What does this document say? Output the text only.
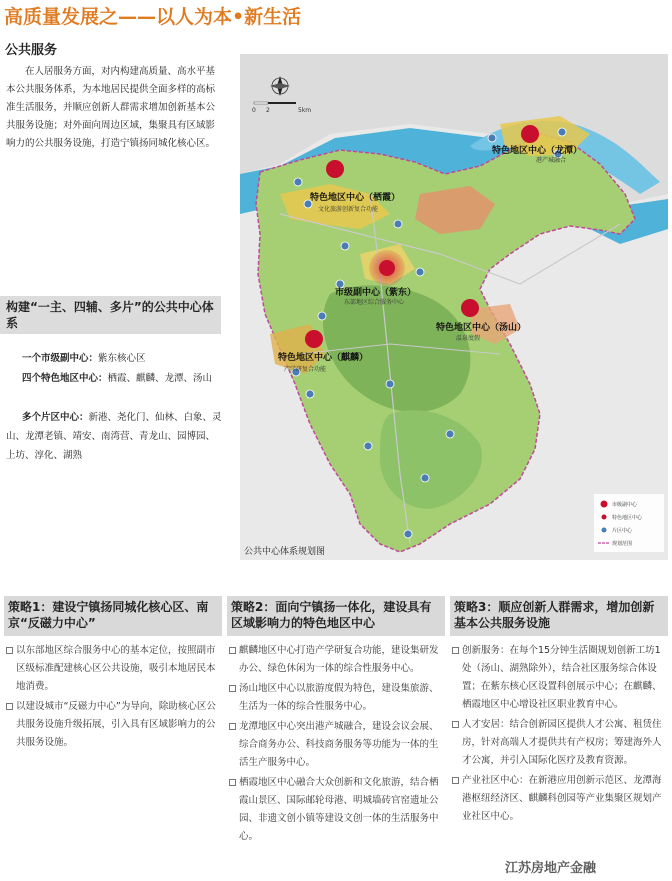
高质量发展之——以人为本•新生活
公共服务
在人居服务方面，对内构建高质量、高水平基本公共服务体系，为本地居民提供全面多样的高标准生活服务，并顺应创新人群需求增加创新基本公共服务设施；对外面向周边区域，集聚具有区域影响力的公共服务设施，打造宁镇扬同城化核心区。
构建“一主、四辅、多片”的公共中心体系
一个市级副中心：紫东核心区
四个特色地区中心：栖霞、麒麟、龙潭、汤山
多个片区中心：新港、尧化门、仙林、白象、灵山、龙潭老镇、靖安、南湾营、青龙山、园博园、上坊、淳化、湖熟
0 2	5km
市级副中心（紫东）
东部地区综合服务中心
特色地区中心（栖霞）
文化旅游创新复合功能
特色地区中心（龙潭）
港产城融合
特色地区中心（汤山）
温泉度假
特色地区中心（麒麟）
产学研复合功能
市级副中心
特色地区中心
片区中心
规划范围
公共中心体系规划图
策略1：建设宁镇扬同城化核心区、南京“反磁力中心”
以东部地区综合服务中心的基本定位，按照副市区级标准配建核心区公共设施，吸引本地居民本地消费。
以建设城市“反磁力中心”为导向，除助核心区公共服务设施升级拓展，引入具有区域影响力的公共服务设施。
策略2：面向宁镇扬一体化，建设具有区域影响力的特色地区中心
麒麟地区中心打造产学研复合功能，建设集研发办公、绿色休闲为一体的综合性服务中心。
汤山地区中心以旅游度假为特色，建设集旅游、生活为一体的综合性服务中心。
龙潭地区中心突出港产城融合，建设会议会展、综合商务办公、科技商务服务等功能为一体的生活生产服务中心。
栖霞地区中心融合大众创新和文化旅游，结合栖霞山景区、国际邮轮母港、明城墙砖官窑遗址公园、非遗文创小镇等建设文创一体的生活服务中心。
策略3：顺应创新人群需求，增加创新基本公共服务设施
创新服务：在每个15分钟生活圈规划创新工坊1处（汤山、湖熟除外），结合社区服务综合体设置；在紫东核心区设置科创展示中心；在麒麟、栖霞地区中心增设社区职业教育中心。
人才安居：结合创新园区提供人才公寓、租赁住房，针对高端人才提供共有产权房；筹建海外人才公寓，并引入国际化医疗及教育资源。
产业社区中心：在新港应用创新示范区、龙潭海港枢纽经济区、麒麟科创园等产业集聚区规划产业社区中心。
江苏房地产金融
